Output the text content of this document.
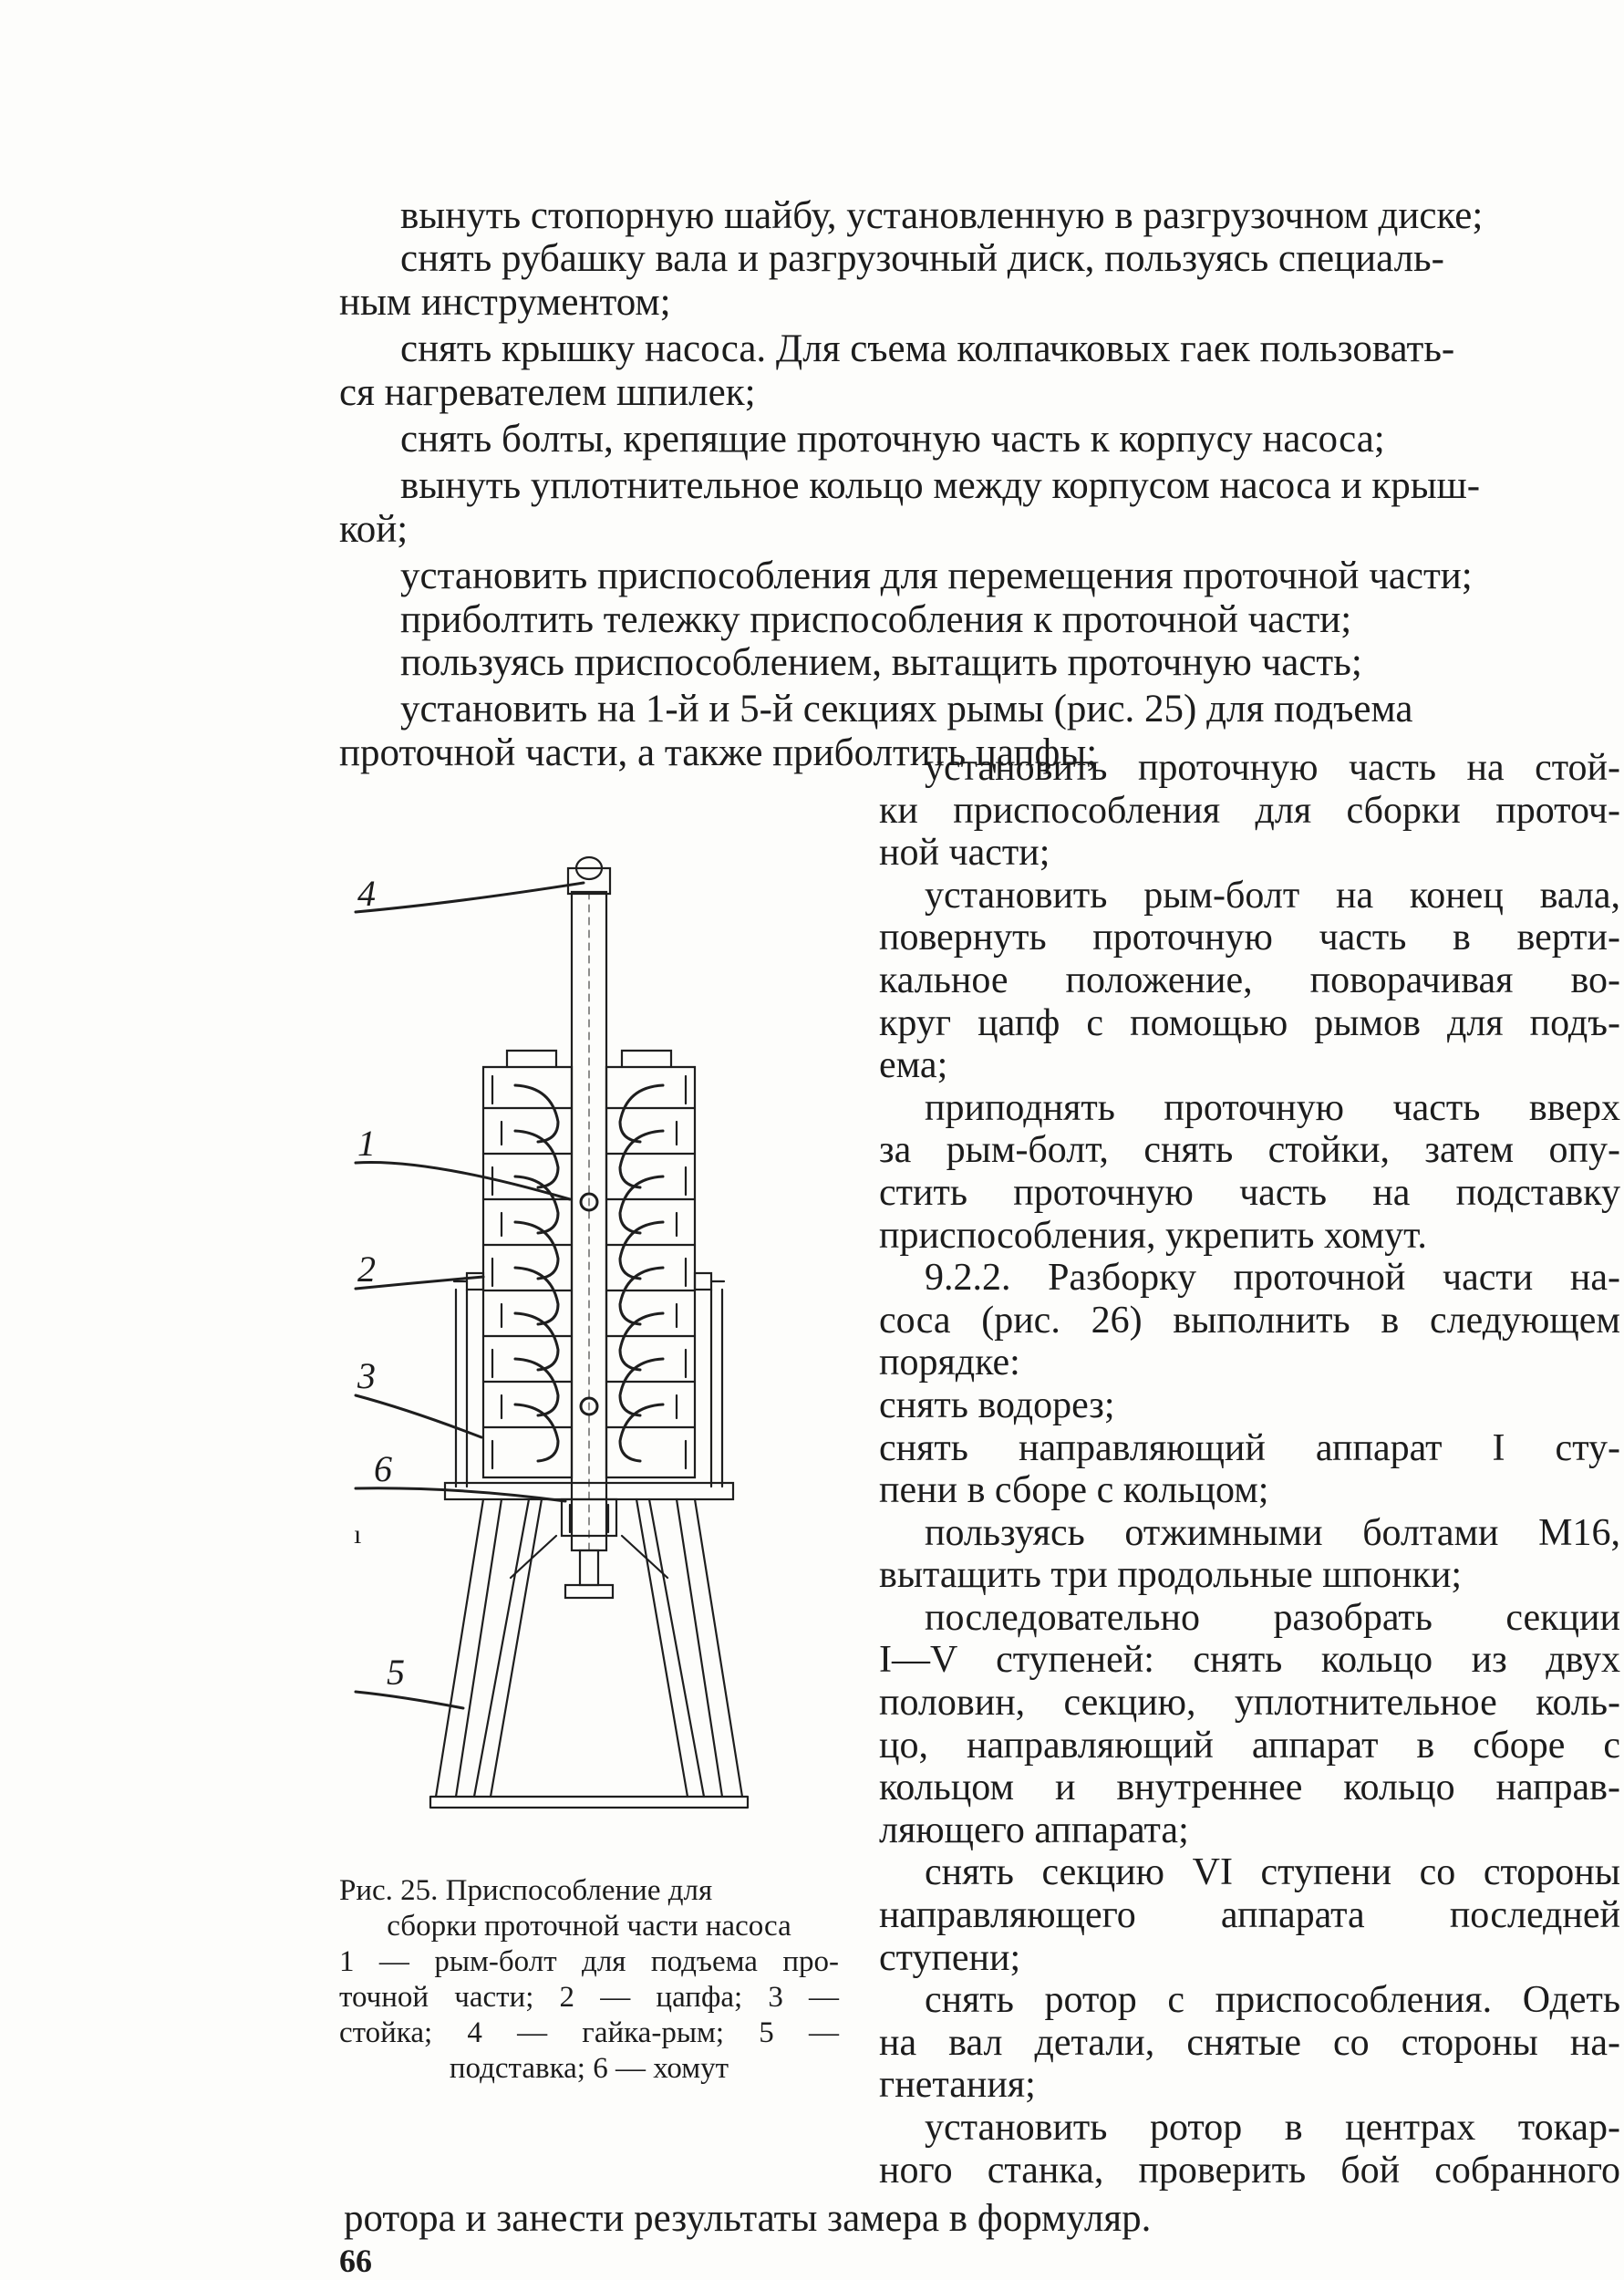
вынуть стопорную шайбу, установленную в разгрузочном диске;
снять рубашку вала и разгрузочный диск, пользуясь специаль-
ным инструментом;
снять крышку насоса. Для съема колпачковых гаек пользовать-
ся нагревателем шпилек;
снять болты, крепящие проточную часть к корпусу насоса;
вынуть уплотнительное кольцо между корпусом насоса и крыш-
кой;
установить приспособления для перемещения проточной части;
приболтить тележку приспособления к проточной части;
пользуясь приспособлением, вытащить проточную часть;
установить на 1-й и 5-й секциях рымы (рис. 25) для подъема
проточной части, а также приболтить цапфы;
установить проточную часть на стой-
ки приспособления для сборки проточ-
ной части;
установить рым-болт на конец вала,
повернуть проточную часть в верти-
кальное положение, поворачивая во-
круг цапф с помощью рымов для подъ-
ема;
приподнять проточную часть вверх
за рым-болт, снять стойки, затем опу-
стить проточную часть на подставку
приспособления, укрепить хомут.
9.2.2. Разборку проточной части на-
соса (рис. 26) выполнить в следующем
порядке:
снять водорез;
снять направляющий аппарат I сту-
пени в сборе с кольцом;
пользуясь отжимными болтами М16,
вытащить три продольные шпонки;
последовательно разобрать секции
I—V ступеней: снять кольцо из двух
половин, секцию, уплотнительное коль-
цо, направляющий аппарат в сборе с
кольцом и внутреннее кольцо направ-
ляющего аппарата;
снять секцию VI ступени со стороны
направляющего аппарата последней
ступени;
снять ротор с приспособления. Одеть
на вал детали, снятые со стороны на-
гнетания;
установить ротор в центрах токар-
ного станка, проверить бой собранного
4
1
2
3
6
5
ı
Рис. 25. Приспособление для
сборки проточной части насоса
1 — рым-болт для подъема про-
точной части; 2 — цапфа; 3 —
стойка; 4 — гайка-рым; 5 —
подставка; 6 — хомут
ротора и занести результаты замера в формуляр.
66
